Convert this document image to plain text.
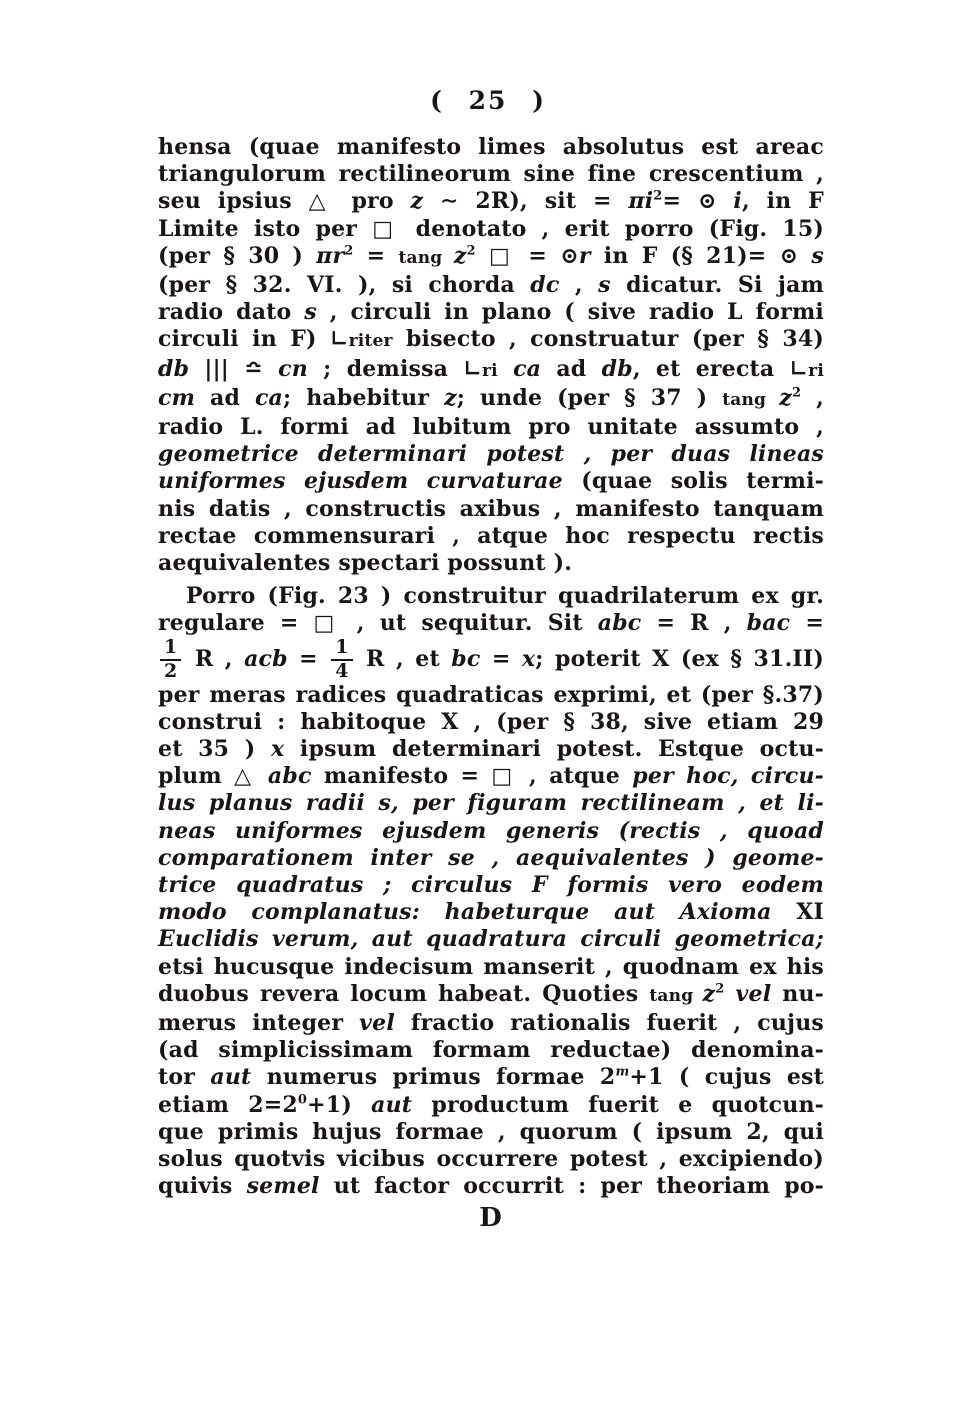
( 25 )
hensa (quae manifesto limes absolutus est areac
triangulorum rectilineorum sine fine crescentium ,
seu ipsius △ pro z ∼ 2R), sit = $\pi i^2=$ ⊙ i, in F
Limite isto per □ denotato , erit porro (Fig. 15)
(per § 30 ) $\pi r^2 = \tan g$ $z^2$ □ = ⊙r in F (§ 21)= ⊙ s
(per § 32. VI. ), si chorda dc , s dicatur. Si jam
radio dato s , circuli in plano ( sive radio L formi
circuli in F) ∟riter bisecto , construatur (per § 34)
db ||| ≏ cn ; demissa ∟ri ca ad db, et erecta ∟ri
cm ad ca; habebitur z; unde (per § 37 ) tang $z^2$ ,
radio L. formi ad lubitum pro unitate assumto ,
geometrice determinari potest , per duas lineas
uniformes ejusdem curvaturae (quae solis termi-
nis datis , constructis axibus , manifesto tanquam
rectae commensurari , atque hoc respectu rectis
aequivalentes spectari possunt ).
Porro (Fig. 23 ) construitur quadrilaterum ex gr.
regulare = □ , ut sequitur. Sit abc = R , bac =
$\frac{1}{2}$ R , acb = $\frac{1}{4}$ R , et bc = x; poterit X (ex § 31.II)
per meras radices quadraticas exprimi, et (per §.37)
construi : habitoque X , (per § 38, sive etiam 29
et 35 ) x ipsum determinari potest. Estque octu-
plum △ abc manifesto = □ , atque per hoc, circu-
lus planus radii s, per figuram rectilineam , et li-
neas uniformes ejusdem generis (rectis , quoad
comparationem inter se , aequivalentes ) geome-
trice quadratus ; circulus F formis vero eodem
modo complanatus: habeturque aut Axioma XI
Euclidis verum, aut quadratura circuli geometrica;
etsi hucusque indecisum manserit , quodnam ex his
duobus revera locum habeat. Quoties tang $z^2$ vel nu-
merus integer vel fractio rationalis fuerit , cujus
(ad simplicissimam formam reductae) denomina-
tor aut numerus primus formae $2^m+1$ ( cujus est
etiam $2=2^0+1$) aut productum fuerit e quotcun-
que primis hujus formae , quorum ( ipsum 2, qui
solus quotvis vicibus occurrere potest , excipiendo)
quivis semel ut factor occurrit : per theoriam po-
D
